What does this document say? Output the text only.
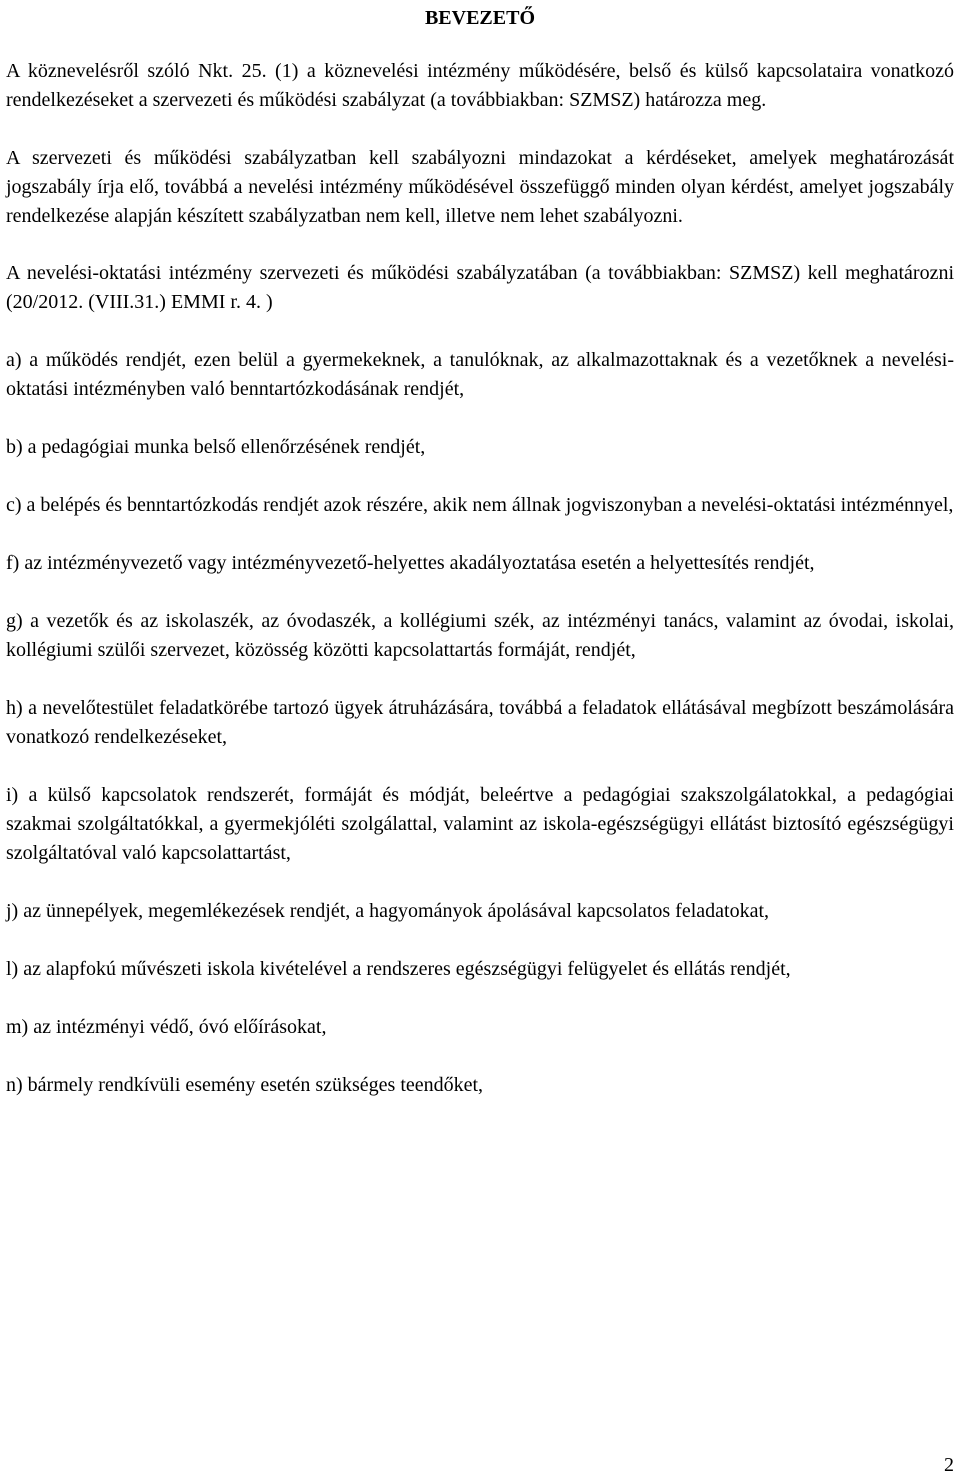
BEVEZETŐ

A köznevelésről szóló Nkt. 25. (1) a köznevelési intézmény működésére, belső és külső kapcsolataira vonatkozó rendelkezéseket a szervezeti és működési szabályzat (a továbbiakban: SZMSZ) határozza meg.

A szervezeti és működési szabályzatban kell szabályozni mindazokat a kérdéseket, amelyek meghatározását jogszabály írja elő, továbbá a nevelési intézmény működésével összefüggő minden olyan kérdést, amelyet jogszabály rendelkezése alapján készített szabályzatban nem kell, illetve nem lehet szabályozni.

A nevelési-oktatási intézmény szervezeti és működési szabályzatában (a továbbiakban: SZMSZ) kell meghatározni (20/2012. (VIII.31.) EMMI r. 4. )

a) a működés rendjét, ezen belül a gyermekeknek, a tanulóknak, az alkalmazottaknak és a vezetőknek a nevelési-oktatási intézményben való benntartózkodásának rendjét,

b) a pedagógiai munka belső ellenőrzésének rendjét,

c) a belépés és benntartózkodás rendjét azok részére, akik nem állnak jogviszonyban a nevelési-oktatási intézménnyel,

f) az intézményvezető vagy intézményvezető-helyettes akadályoztatása esetén a helyettesítés rendjét,

g) a vezetők és az iskolaszék, az óvodaszék, a kollégiumi szék, az intézményi tanács, valamint az óvodai, iskolai, kollégiumi szülői szervezet, közösség közötti kapcsolattartás formáját, rendjét,

h) a nevelőtestület feladatkörébe tartozó ügyek átruházására, továbbá a feladatok ellátásával megbízott beszámolására vonatkozó rendelkezéseket,

i) a külső kapcsolatok rendszerét, formáját és módját, beleértve a pedagógiai szakszolgálatokkal, a pedagógiai szakmai szolgáltatókkal, a gyermekjóléti szolgálattal, valamint az iskola-egészségügyi ellátást biztosító egészségügyi szolgáltatóval való kapcsolattartást,

j) az ünnepélyek, megemlékezések rendjét, a hagyományok ápolásával kapcsolatos feladatokat,

l) az alapfokú művészeti iskola kivételével a rendszeres egészségügyi felügyelet és ellátás rendjét,

m) az intézményi védő, óvó előírásokat,

n) bármely rendkívüli esemény esetén szükséges teendőket,

2
